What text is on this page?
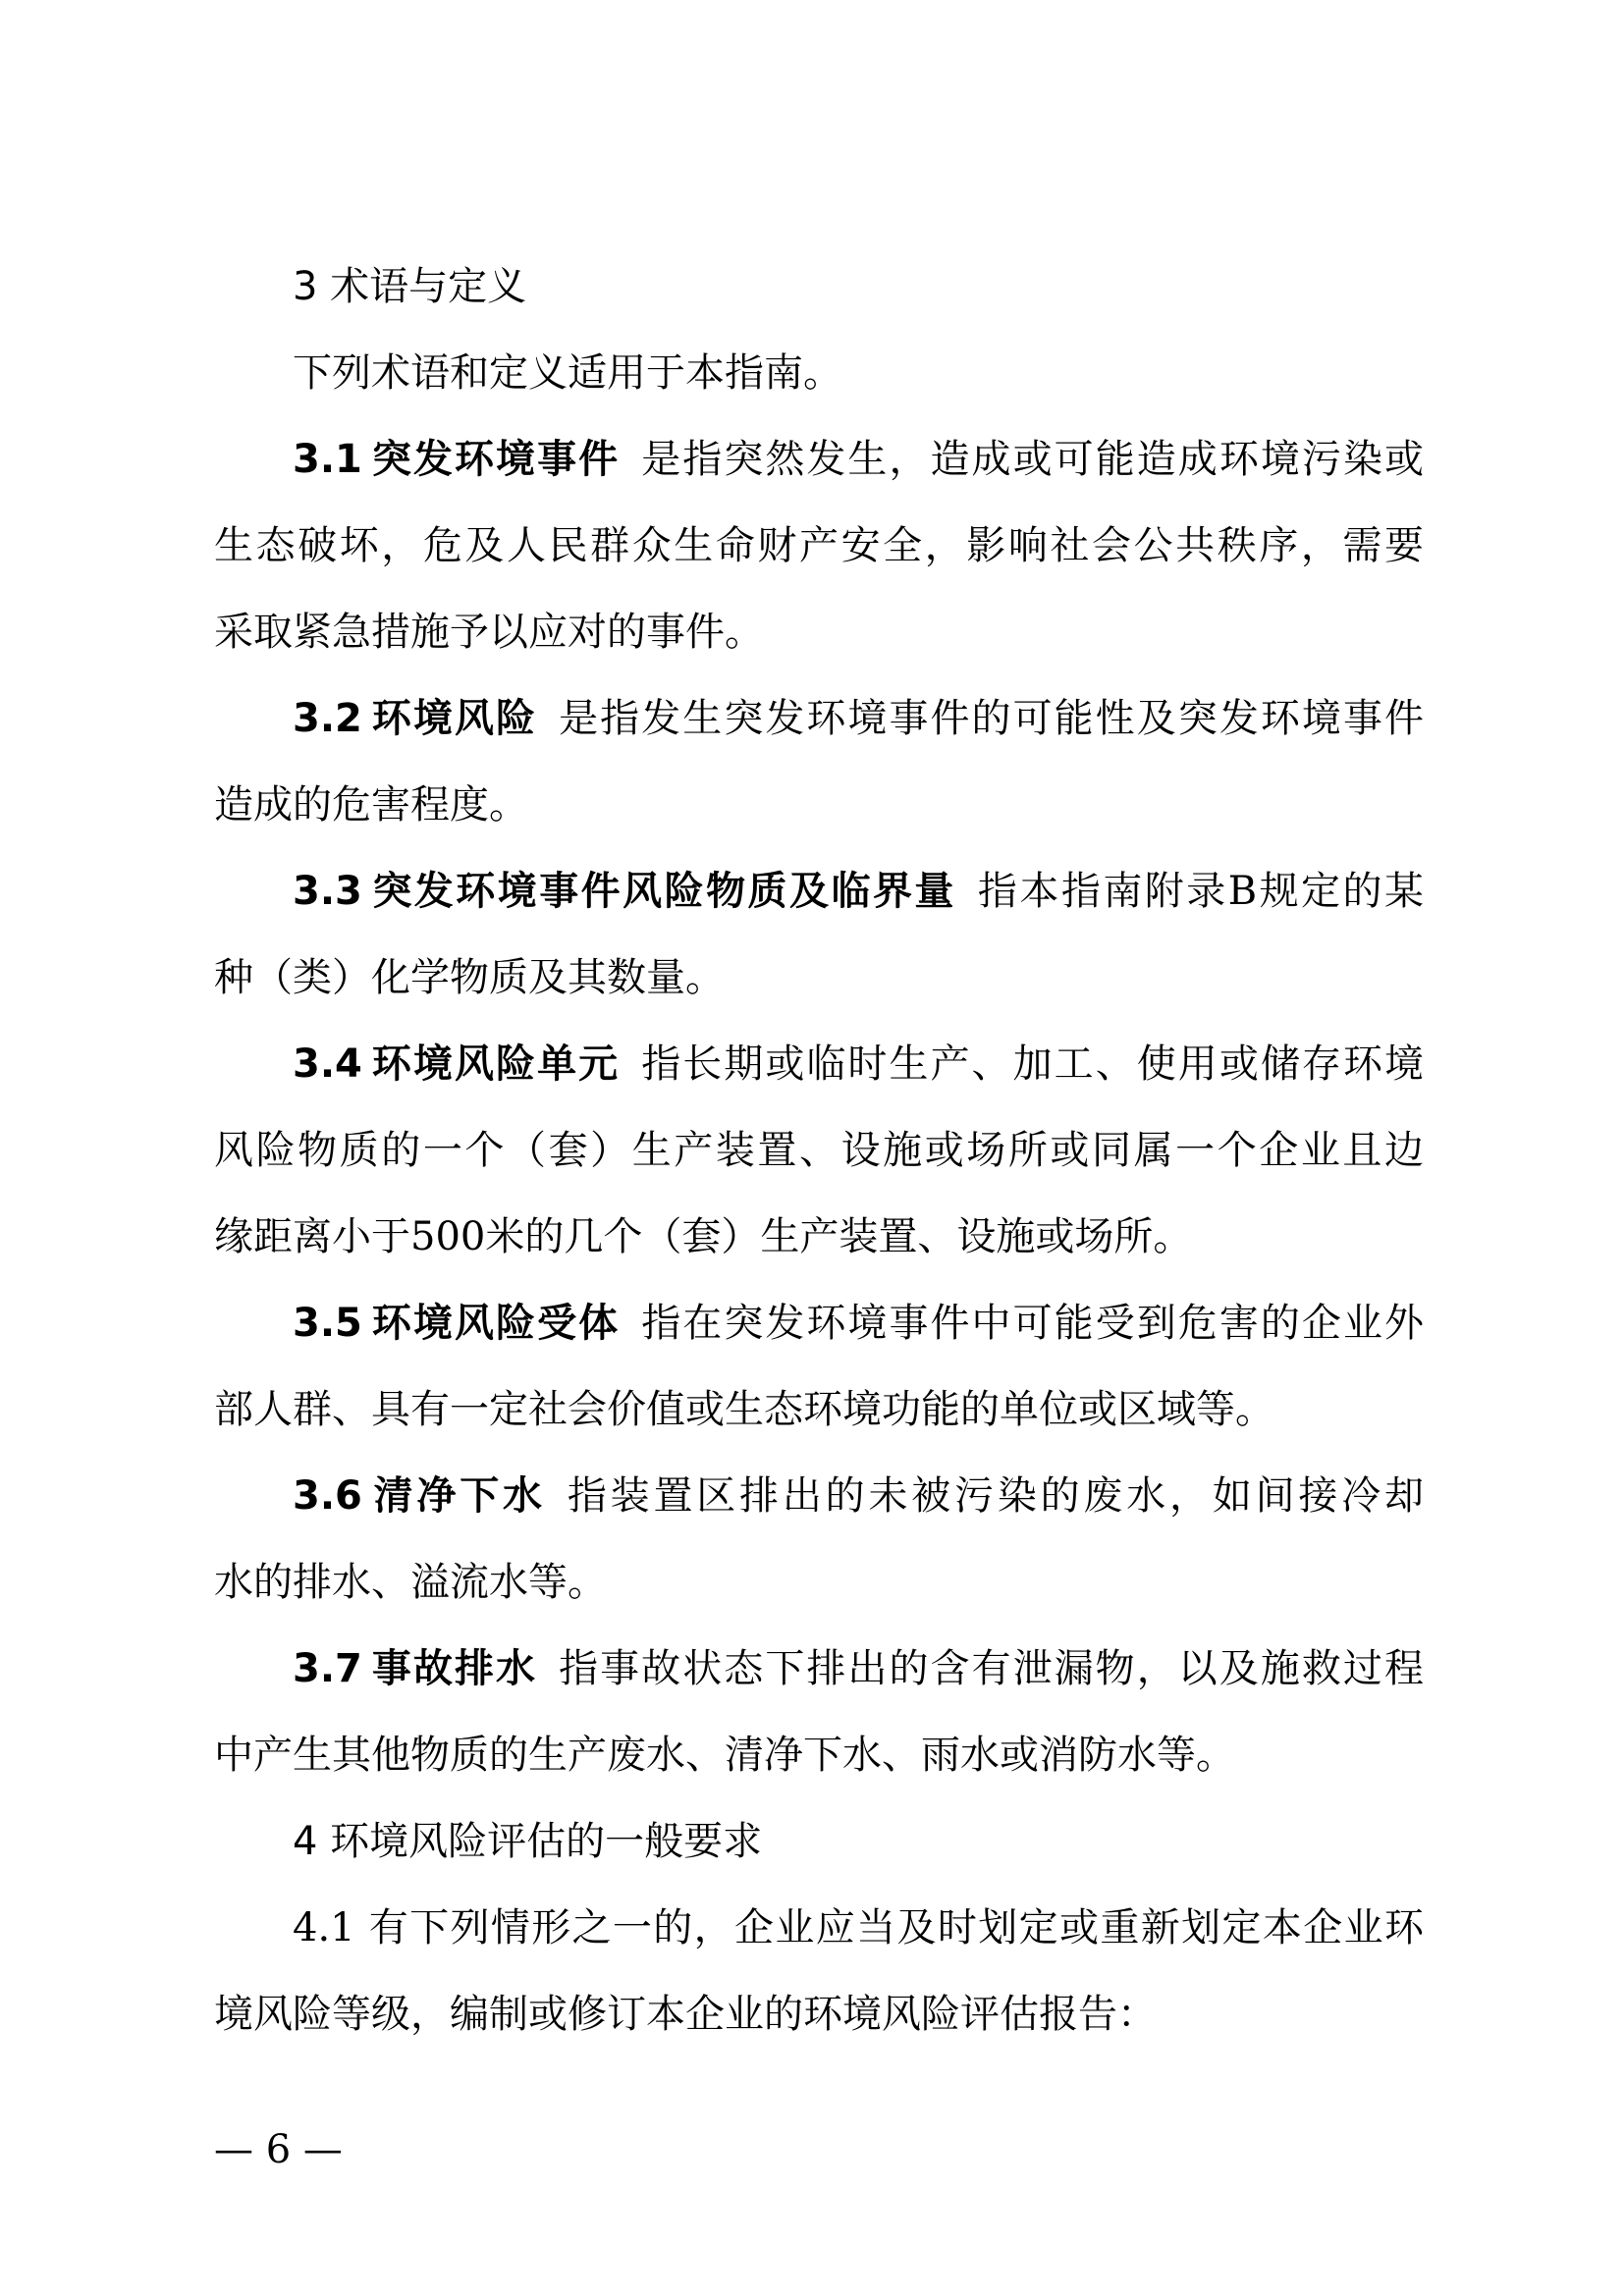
3 术语与定义
下列术语和定义适用于本指南。
3.1 突发环境事件 是指突然发生，造成或可能造成环境污染或
生态破坏，危及人民群众生命财产安全，影响社会公共秩序，需要
采取紧急措施予以应对的事件。
3.2 环境风险 是指发生突发环境事件的可能性及突发环境事件
造成的危害程度。
3.3 突发环境事件风险物质及临界量 指本指南附录B规定的某
种（类）化学物质及其数量。
3.4 环境风险单元 指长期或临时生产、加工、使用或储存环境
风险物质的一个（套）生产装置、设施或场所或同属一个企业且边
缘距离小于500米的几个（套）生产装置、设施或场所。
3.5 环境风险受体 指在突发环境事件中可能受到危害的企业外
部人群、具有一定社会价值或生态环境功能的单位或区域等。
3.6 清净下水 指装置区排出的未被污染的废水，如间接冷却
水的排水、溢流水等。
3.7 事故排水 指事故状态下排出的含有泄漏物，以及施救过程
中产生其他物质的生产废水、清净下水、雨水或消防水等。
4 环境风险评估的一般要求
4.1 有下列情形之一的，企业应当及时划定或重新划定本企业环
境风险等级，编制或修订本企业的环境风险评估报告：
— 6 —
